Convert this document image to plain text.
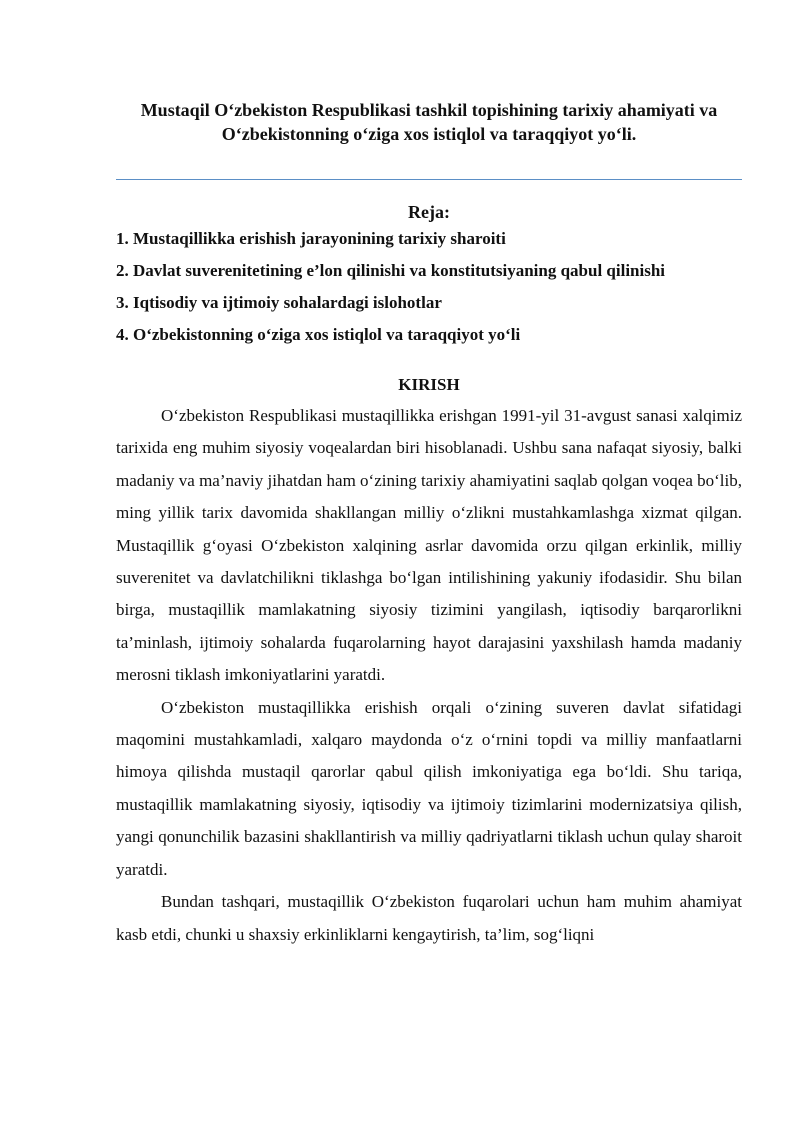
Mustaqil O‘zbekiston Respublikasi tashkil topishining tarixiy ahamiyati va O‘zbekistonning o‘ziga xos istiqlol va taraqqiyot yo‘li.
Reja:
1. Mustaqillikka erishish jarayonining tarixiy sharoiti
2. Davlat suverenitetining e’lon qilinishi va konstitutsiyaning qabul qilinishi
3. Iqtisodiy va ijtimoiy sohalardagi islohotlar
4. O‘zbekistonning o‘ziga xos istiqlol va taraqqiyot yo‘li
KIRISH

O‘zbekiston Respublikasi mustaqillikka erishgan 1991-yil 31-avgust sanasi xalqimiz tarixida eng muhim siyosiy voqealardan biri hisoblanadi. Ushbu sana nafaqat siyosiy, balki madaniy va ma’naviy jihatdan ham o‘zining tarixiy ahamiyatini saqlab qolgan voqea bo‘lib, ming yillik tarix davomida shakllangan milliy o‘zlikni mustahkamlashga xizmat qilgan. Mustaqillik g‘oyasi O‘zbekiston xalqining asrlar davomida orzu qilgan erkinlik, milliy suverenitet va davlatchilikni tiklashga bo‘lgan intilishining yakuniy ifodasidir. Shu bilan birga, mustaqillik mamlakatning siyosiy tizimini yangilash, iqtisodiy barqarorlikni ta’minlash, ijtimoiy sohalarda fuqarolarning hayot darajasini yaxshilash hamda madaniy merosni tiklash imkoniyatlarini yaratdi.

O‘zbekiston mustaqillikka erishish orqali o‘zining suveren davlat sifatidagi maqomini mustahkamladi, xalqaro maydonda o‘z o‘rnini topdi va milliy manfaatlarni himoya qilishda mustaqil qarorlar qabul qilish imkoniyatiga ega bo‘ldi. Shu tariqa, mustaqillik mamlakatning siyosiy, iqtisodiy va ijtimoiy tizimlarini modernizatsiya qilish, yangi qonunchilik bazasini shakllantirish va milliy qadriyatlarni tiklash uchun qulay sharoit yaratdi.

Bundan tashqari, mustaqillik O‘zbekiston fuqarolari uchun ham muhim ahamiyat kasb etdi, chunki u shaxsiy erkinliklarni kengaytirish, ta’lim, sog‘liqni
